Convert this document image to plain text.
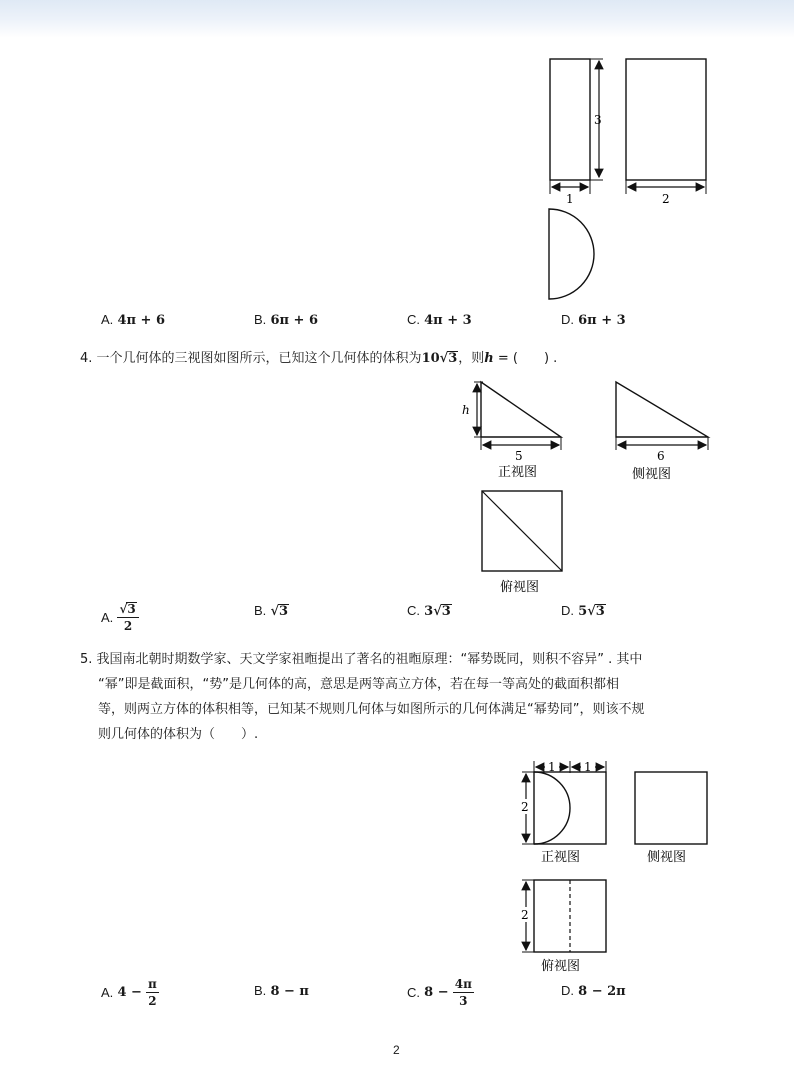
3
1	2
A. 4π + 6	B. 6π + 6	C. 4π + 3	D. 6π + 3
4. 一个几何体的三视图如图所示，已知这个几何体的体积为10√3，则h = (　　) .
h
5
正视图
6
侧视图
俯视图
A.
$\frac{√3}{2}$	B. √3	C. 3√3	D. 5√3
5. 我国南北朝时期数学家、天文学家祖暅提出了著名的祖暅原理：“幂势既同，则积不容异” . 其中
“幂”即是截面积，“势”是几何体的高，意思是两等高立方体，若在每一等高处的截面积都相
等，则两立方体的体积相等，已知某不规则几何体与如图所示的几何体满足“幂势同”，则该不规
则几何体的体积为（　　）.
1 1
2
正视图	侧视图
2
俯视图
A.
4 −
$\frac{\pi}{2}$	B. 8 − π	C.
8 −
$\frac{4\pi}{3}$	D. 8 − 2π
2
